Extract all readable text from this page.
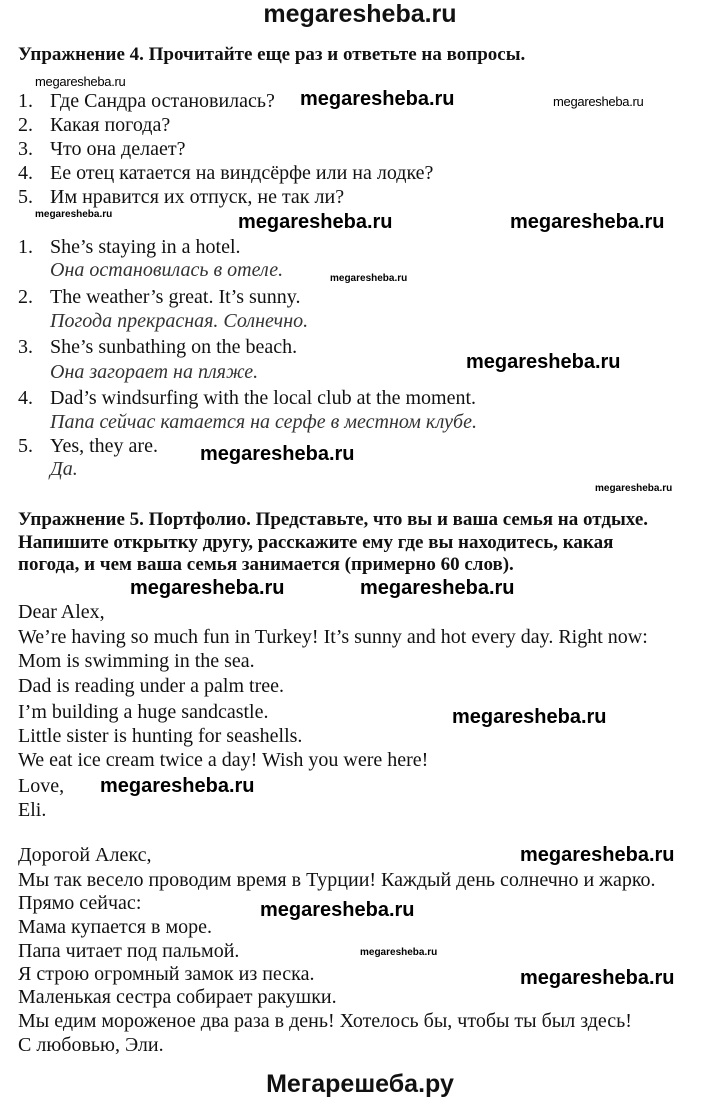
megaresheba.ru
Упражнение 4. Прочитайте еще раз и ответьте на вопросы.
1. Где Сандра остановилась?
2. Какая погода?
3. Что она делает?
4. Ее отец катается на виндсёрфе или на лодке?
5. Им нравится их отпуск, не так ли?
1. She’s staying in a hotel.
Она остановилась в отеле.
2. The weather’s great. It’s sunny.
Погода прекрасная. Солнечно.
3. She’s sunbathing on the beach.
Она загорает на пляже.
4. Dad’s windsurfing with the local club at the moment.
Папа сейчас катается на серфе в местном клубе.
5. Yes, they are.
Да.
Упражнение 5. Портфолио. Представьте, что вы и ваша семья на отдыхе.
Напишите открытку другу, расскажите ему где вы находитесь, какая
погода, и чем ваша семья занимается (примерно 60 слов).
Dear Alex,
We’re having so much fun in Turkey! It’s sunny and hot every day. Right now:
Mom is swimming in the sea.
Dad is reading under a palm tree.
I’m building a huge sandcastle.
Little sister is hunting for seashells.
We eat ice cream twice a day! Wish you were here!
Love,
Eli.
Дорогой Алекс,
Мы так весело проводим время в Турции! Каждый день солнечно и жарко.
Прямо сейчас:
Мама купается в море.
Папа читает под пальмой.
Я строю огромный замок из песка.
Маленькая сестра собирает ракушки.
Мы едим мороженое два раза в день! Хотелось бы, чтобы ты был здесь!
С любовью, Эли.
megaresheba.ru
megaresheba.ru	megaresheba.ru
megaresheba.ru	megaresheba.ru	megaresheba.ru
megaresheba.ru
megaresheba.ru
megaresheba.ru
megaresheba.ru
megaresheba.ru	megaresheba.ru
megaresheba.ru
megaresheba.ru
megaresheba.ru
megaresheba.ru
megaresheba.ru
megaresheba.ru
Мегарешеба.ру
